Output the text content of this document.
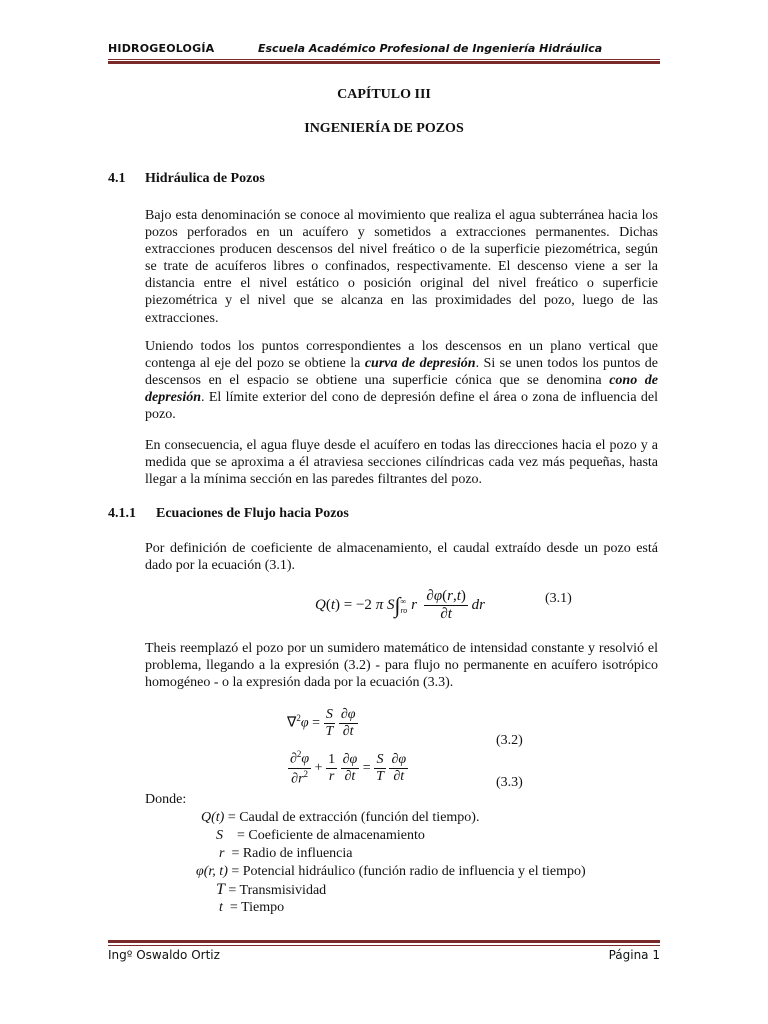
HIDROGEOLOGÍA	Escuela Académico Profesional de Ingeniería Hidráulica
CAPÍTULO III
INGENIERÍA DE POZOS
4.1 Hidráulica de Pozos
Bajo esta denominación se conoce al movimiento que realiza el agua subterránea hacia los pozos perforados en un acuífero y sometidos a extracciones permanentes. Dichas extracciones producen descensos del nivel freático o de la superficie piezométrica, según se trate de acuíferos libres o confinados, respectivamente. El descenso viene a ser la distancia entre el nivel estático o posición original del nivel freático o superficie piezométrica y el nivel que se alcanza en las proximidades del pozo, luego de las extracciones.
Uniendo todos los puntos correspondientes a los descensos en un plano vertical que contenga al eje del pozo se obtiene la curva de depresión. Si se unen todos los puntos de descensos en el espacio se obtiene una superficie cónica que se denomina cono de depresión. El límite exterior del cono de depresión define el área o zona de influencia del pozo.
En consecuencia, el agua fluye desde el acuífero en todas las direcciones hacia el pozo y a medida que se aproxima a él atraviesa secciones cilíndricas cada vez más pequeñas, hasta llegar a la mínima sección en las paredes filtrantes del pozo.
4.1.1 Ecuaciones de Flujo hacia Pozos
Por definición de coeficiente de almacenamiento, el caudal extraído desde un pozo está dado por la ecuación (3.1).
Q(t) = −2 π S∫ ∞
ro r $\frac{\partial\varphi(r,t)}{\partial t}$ dr	(3.1)
Theis reemplazó el pozo por un sumidero matemático de intensidad constante y resolvió el problema, llegando a la expresión (3.2) - para flujo no permanente en acuífero isotrópico homogéneo - o la expresión dada por la ecuación (3.3).
$\nabla^2\varphi = \frac{S}{T}$
$\frac{\partial\varphi}{\partial t}$
(3.2)
$\frac{\partial^2\varphi}{\partial r^2} + \frac{1}{r}$
$\frac{\partial\varphi}{\partial t} = \frac{S}{T}$
$\frac{\partial\varphi}{\partial t}$	(3.3)
Donde:
Q(t) = Caudal de extracción (función del tiempo).
S = Coeficiente de almacenamiento
r = Radio de influencia
φ(r, t) = Potencial hidráulico (función radio de influencia y el tiempo)
T = Transmisividad
t = Tiempo
Ingº Oswaldo Ortiz	Página 1
